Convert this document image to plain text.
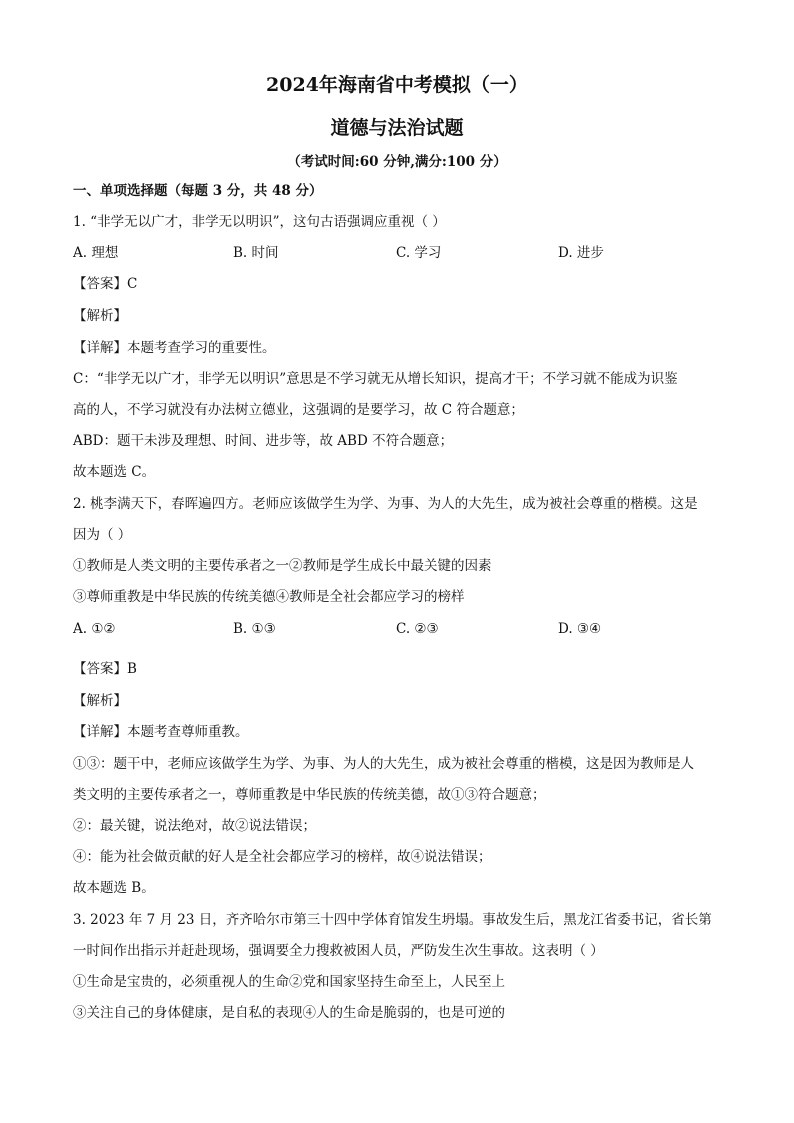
2024年海南省中考模拟（一）
道德与法治试题
（考试时间:60 分钟,满分:100 分）
一、单项选择题（每题 3 分，共 48 分）
1. “非学无以广才，非学无以明识”，这句古语强调应重视（ ）
A. 理想	B. 时间	C. 学习	D. 进步
【答案】C
【解析】
【详解】本题考查学习的重要性。
C：“非学无以广才，非学无以明识”意思是不学习就无从增长知识，提高才干；不学习就不能成为识鉴
高的人，不学习就没有办法树立德业，这强调的是要学习，故 C 符合题意；
ABD：题干未涉及理想、时间、进步等，故 ABD 不符合题意；
故本题选 C。
2. 桃李满天下，春晖遍四方。老师应该做学生为学、为事、为人的大先生，成为被社会尊重的楷模。这是
因为（ ）
①教师是人类文明的主要传承者之一②教师是学生成长中最关键的因素
③尊师重教是中华民族的传统美德④教师是全社会都应学习的榜样
A. ①②	B. ①③	C. ②③	D. ③④
【答案】B
【解析】
【详解】本题考查尊师重教。
①③：题干中，老师应该做学生为学、为事、为人的大先生，成为被社会尊重的楷模，这是因为教师是人
类文明的主要传承者之一，尊师重教是中华民族的传统美德，故①③符合题意；
②：最关键，说法绝对，故②说法错误；
④：能为社会做贡献的好人是全社会都应学习的榜样，故④说法错误；
故本题选 B。
3. 2023 年 7 月 23 日，齐齐哈尔市第三十四中学体育馆发生坍塌。事故发生后，黑龙江省委书记，省长第
一时间作出指示并赶赴现场，强调要全力搜救被困人员，严防发生次生事故。这表明（ ）
①生命是宝贵的，必须重视人的生命②党和国家坚持生命至上，人民至上
③关注自己的身体健康，是自私的表现④人的生命是脆弱的，也是可逆的
